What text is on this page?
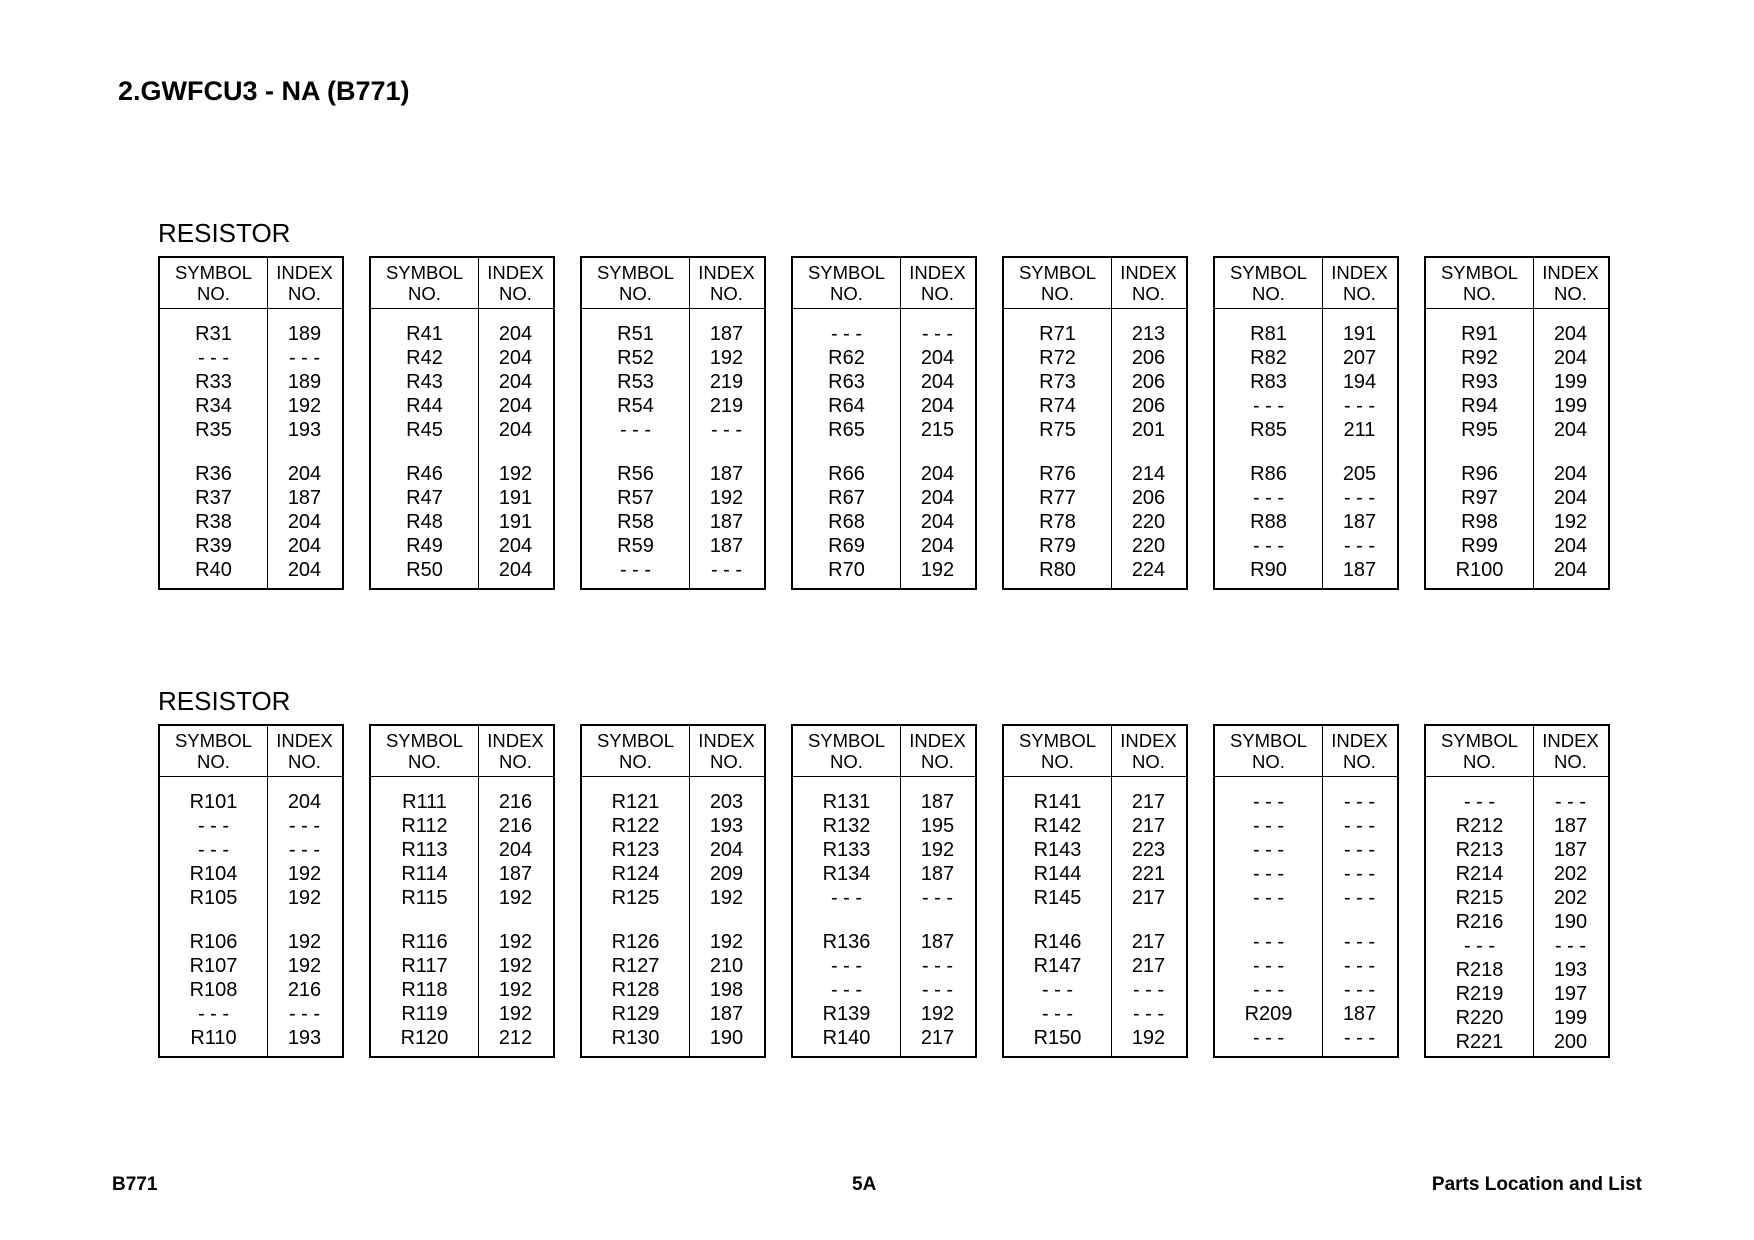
2.GWFCU3 - NA (B771)
RESISTOR
SYMBOL
NO.
INDEX
NO.
R31	189
- - -	- - -
R33	189
R34	192
R35	193
R36	204
R37	187
R38	204
R39	204
R40	204
SYMBOL
NO.
INDEX
NO.
R41	204
R42	204
R43	204
R44	204
R45	204
R46	192
R47	191
R48	191
R49	204
R50	204
SYMBOL
NO.
INDEX
NO.
R51	187
R52	192
R53	219
R54	219
- - -	- - -
R56	187
R57	192
R58	187
R59	187
- - -	- - -
SYMBOL
NO.
INDEX
NO.
- - -	- - -
R62	204
R63	204
R64	204
R65	215
R66	204
R67	204
R68	204
R69	204
R70	192
SYMBOL
NO.
INDEX
NO.
R71	213
R72	206
R73	206
R74	206
R75	201
R76	214
R77	206
R78	220
R79	220
R80	224
SYMBOL
NO.
INDEX
NO.
R81	191
R82	207
R83	194
- - -	- - -
R85	211
R86	205
- - -	- - -
R88	187
- - -	- - -
R90	187
SYMBOL
NO.
INDEX
NO.
R91	204
R92	204
R93	199
R94	199
R95	204
R96	204
R97	204
R98	192
R99	204
R100	204
RESISTOR
SYMBOL
NO.
INDEX
NO.
R101	204
- - -	- - -
- - -	- - -
R104	192
R105	192
R106	192
R107	192
R108	216
- - -	- - -
R110	193
SYMBOL
NO.
INDEX
NO.
R111	216
R112	216
R113	204
R114	187
R115	192
R116	192
R117	192
R118	192
R119	192
R120	212
SYMBOL
NO.
INDEX
NO.
R121	203
R122	193
R123	204
R124	209
R125	192
R126	192
R127	210
R128	198
R129	187
R130	190
SYMBOL
NO.
INDEX
NO.
R131	187
R132	195
R133	192
R134	187
- - -	- - -
R136	187
- - -	- - -
- - -	- - -
R139	192
R140	217
SYMBOL
NO.
INDEX
NO.
R141	217
R142	217
R143	223
R144	221
R145	217
R146	217
R147	217
- - -	- - -
- - -	- - -
R150	192
SYMBOL
NO.
INDEX
NO.
- - -	- - -
- - -	- - -
- - -	- - -
- - -	- - -
- - -	- - -
- - -	- - -
- - -	- - -
- - -	- - -
R209	187
- - -	- - -
SYMBOL
NO.
INDEX
NO.
- - -	- - -
R212	187
R213	187
R214	202
R215	202
R216	190
- - -	- - -
R218	193
R219	197
R220	199
R221	200
B771	5A	Parts Location and List
